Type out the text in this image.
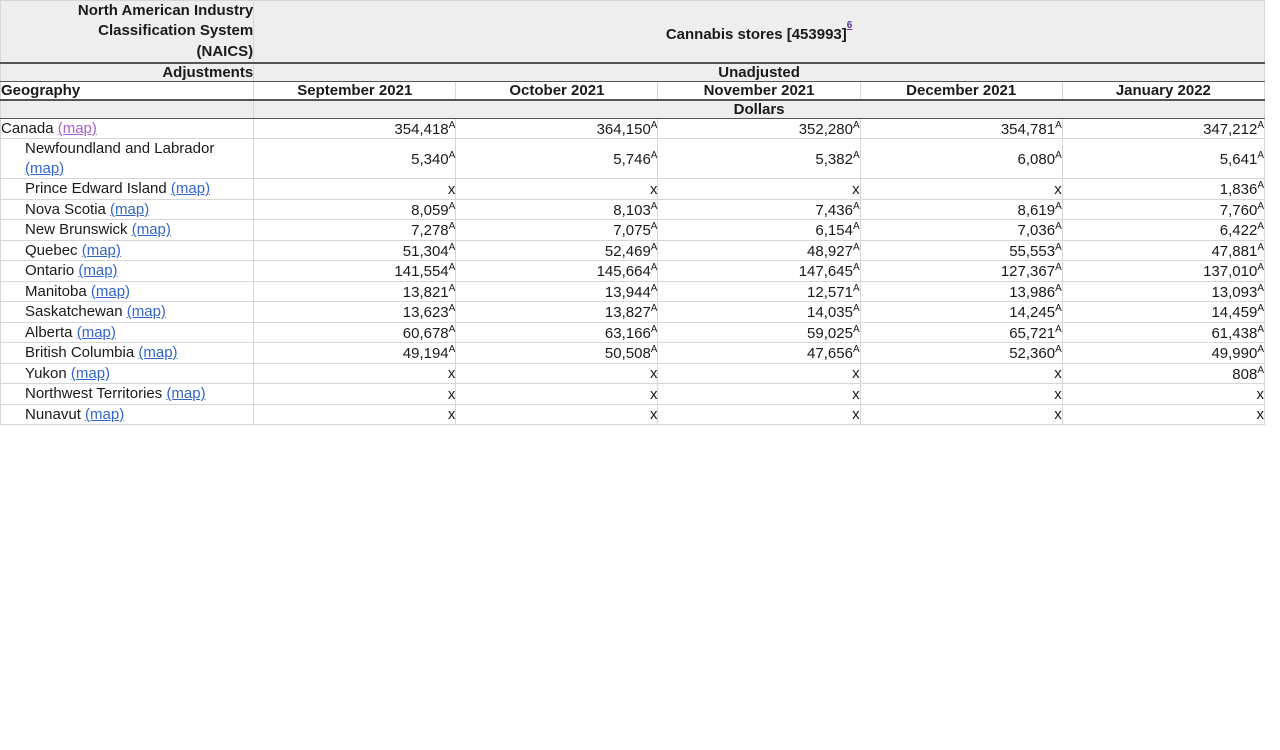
North American Industry
Classification System
(NAICS)	Cannabis stores [453993]$^{^6}$
Adjustments	Unadjusted				
Geography	September 2021	October 2021	November 2021	December 2021	January 2022
	Dollars				
Canada (map)	$354,418^A$	$364,150^A$	$352,280^A$	$354,781^A$	$347,212^A$
Newfoundland and Labrador (map)	$5,340^A$	$5,746^A$	$5,382^A$	$6,080^A$	$5,641^A$
Prince Edward Island (map)	x	x	x	x	$1,836^A$
Nova Scotia (map)	$8,059^A$	$8,103^A$	$7,436^A$	$8,619^A$	$7,760^A$
New Brunswick (map)	$7,278^A$	$7,075^A$	$6,154^A$	$7,036^A$	$6,422^A$
Quebec (map)	$51,304^A$	$52,469^A$	$48,927^A$	$55,553^A$	$47,881^A$
Ontario (map)	$141,554^A$	$145,664^A$	$147,645^A$	$127,367^A$	$137,010^A$
Manitoba (map)	$13,821^A$	$13,944^A$	$12,571^A$	$13,986^A$	$13,093^A$
Saskatchewan (map)	$13,623^A$	$13,827^A$	$14,035^A$	$14,245^A$	$14,459^A$
Alberta (map)	$60,678^A$	$63,166^A$	$59,025^A$	$65,721^A$	$61,438^A$
British Columbia (map)	$49,194^A$	$50,508^A$	$47,656^A$	$52,360^A$	$49,990^A$
Yukon (map)	x	x	x	x	$808^A$
Northwest Territories (map)	x	x	x	x	x
Nunavut (map)	x	x	x	x	x
